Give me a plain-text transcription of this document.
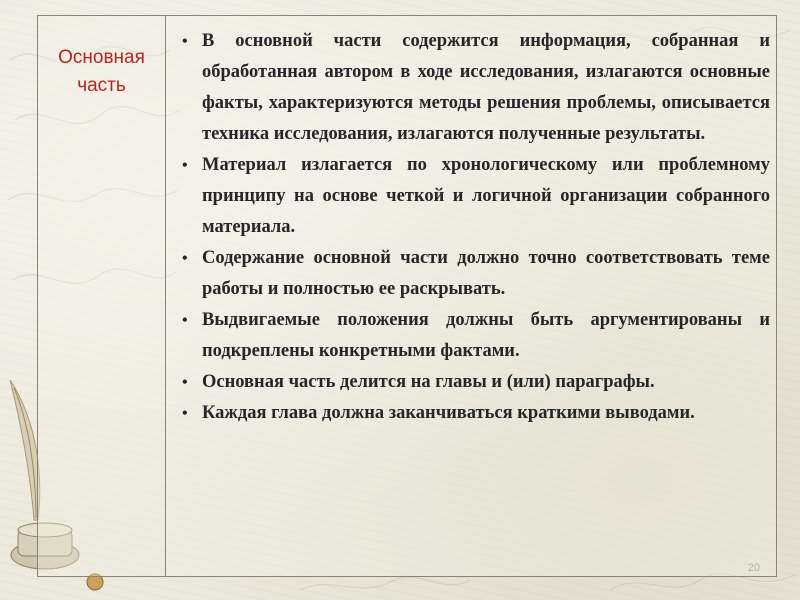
Основная
часть
• В основной части содержится информация, собранная и обработанная автором в ходе исследования, излагаются основные факты, характеризуются методы решения проблемы, описывается техника исследования, излагаются полученные результаты.
• Материал излагается по хронологическому или проблемному принципу на основе четкой и логичной организации собранного материала.
• Содержание основной части должно точно соответствовать теме работы и полностью ее раскрывать.
• Выдвигаемые положения должны быть аргументированы и подкреплены конкретными фактами.
• Основная часть делится на главы и (или) параграфы.
• Каждая глава должна заканчиваться краткими выводами.
20
